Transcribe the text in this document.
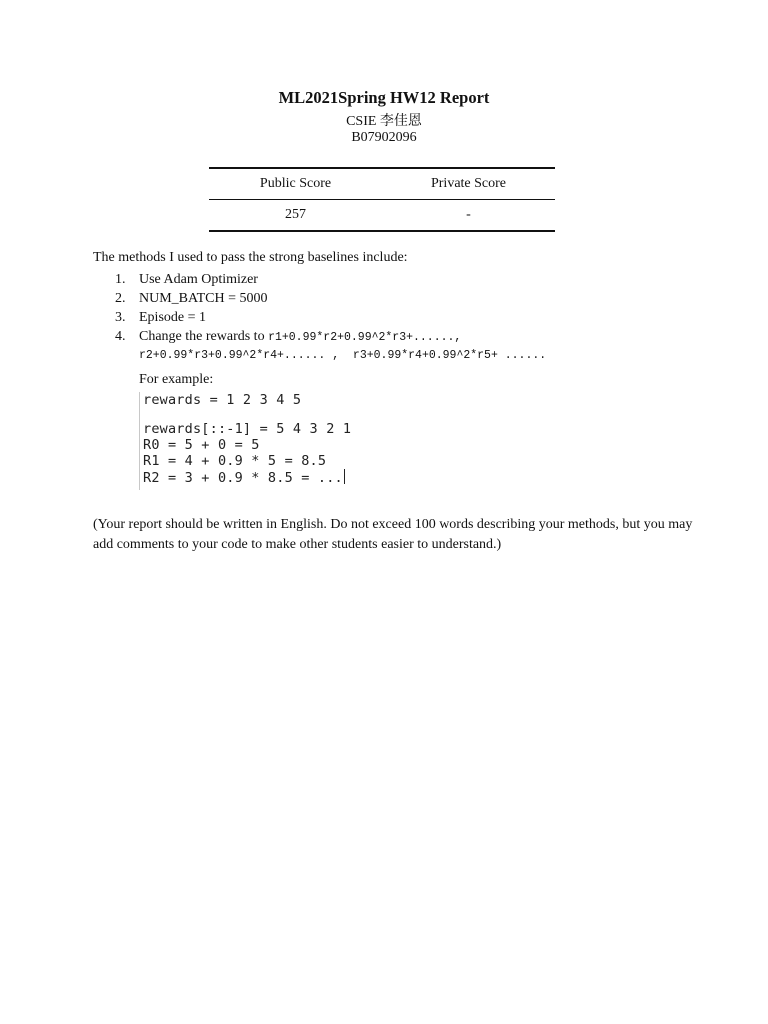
ML2021Spring HW12 Report
CSIE 李佳恩
B07902096
Public Score	Private Score
257	-
The methods I used to pass the strong baselines include:
1. Use Adam Optimizer
2. NUM_BATCH = 5000
3. Episode = 1
4. Change the rewards to r1+0.99*r2+0.99^2*r3+......,
r2+0.99*r3+0.99^2*r4+...... ,  r3+0.99*r4+0.99^2*r5+ ......
For example:
rewards = 1 2 3 4 5
rewards[::-1] = 5 4 3 2 1
R0 = 5 + 0 = 5
R1 = 4 + 0.9 * 5 = 8.5
R2 = 3 + 0.9 * 8.5 = ...
(Your report should be written in English. Do not exceed 100 words describing your methods, but you may add comments to your code to make other students easier to understand.)
